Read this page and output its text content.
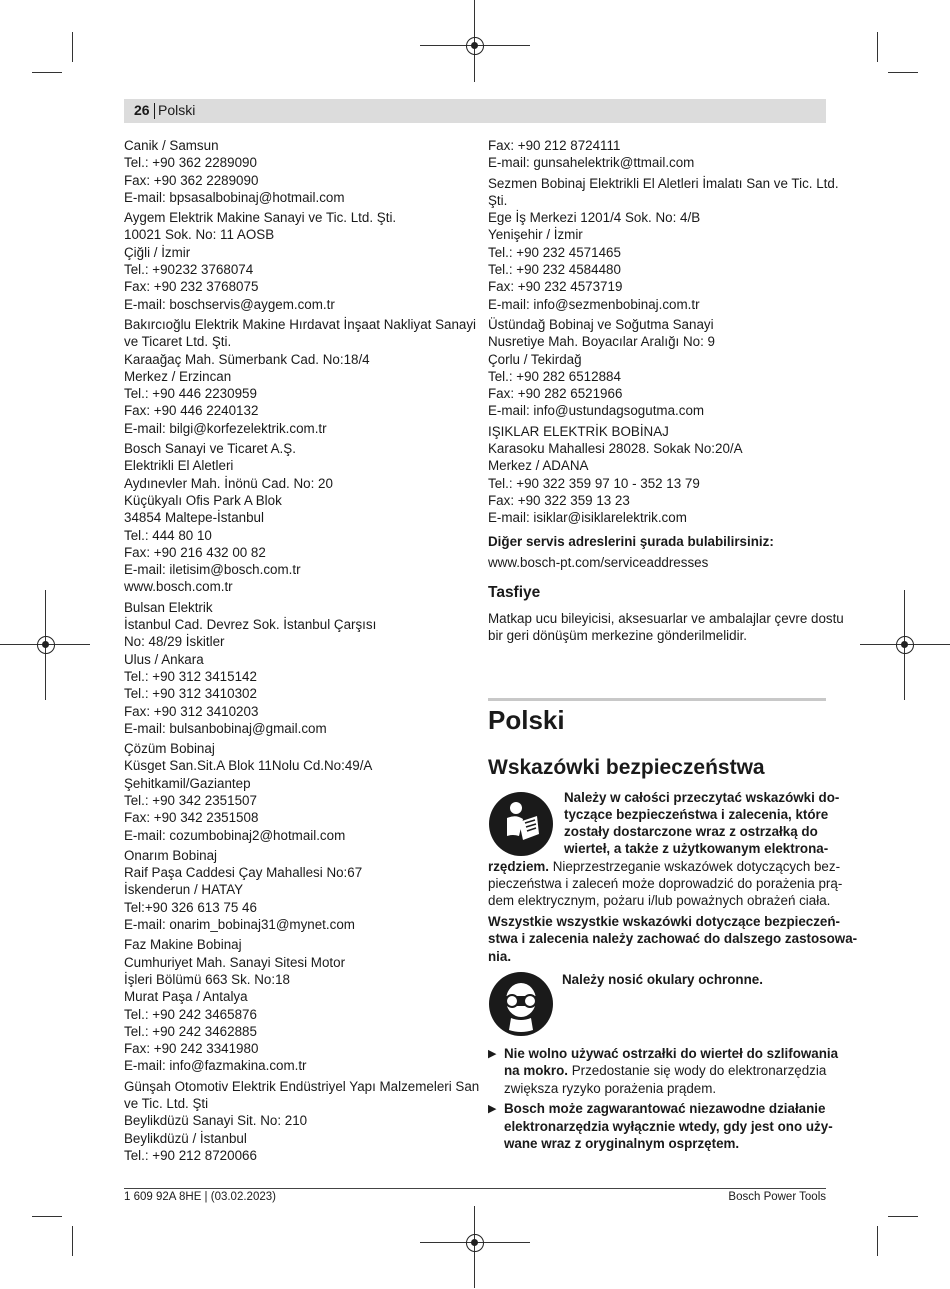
26 Polski
Canik / Samsun
Tel.: +90 362 2289090
Fax: +90 362 2289090
E-mail: bpsasalbobinaj@hotmail.com
Aygem Elektrik Makine Sanayi ve Tic. Ltd. Şti.
10021 Sok. No: 11 AOSB
Çiğli / İzmir
Tel.: +90232 3768074
Fax: +90 232 3768075
E-mail: boschservis@aygem.com.tr
Bakırcıoğlu Elektrik Makine Hırdavat İnşaat Nakliyat Sanayi
ve Ticaret Ltd. Şti.
Karaağaç Mah. Sümerbank Cad. No:18/4
Merkez / Erzincan
Tel.: +90 446 2230959
Fax: +90 446 2240132
E-mail: bilgi@korfezelektrik.com.tr
Bosch Sanayi ve Ticaret A.Ş.
Elektrikli El Aletleri
Aydınevler Mah. İnönü Cad. No: 20
Küçükyalı Ofis Park A Blok
34854 Maltepe-İstanbul
Tel.: 444 80 10
Fax: +90 216 432 00 82
E-mail: iletisim@bosch.com.tr
www.bosch.com.tr
Bulsan Elektrik
İstanbul Cad. Devrez Sok. İstanbul Çarşısı
No: 48/29 İskitler
Ulus / Ankara
Tel.: +90 312 3415142
Tel.: +90 312 3410302
Fax: +90 312 3410203
E-mail: bulsanbobinaj@gmail.com
Çözüm Bobinaj
Küsget San.Sit.A Blok 11Nolu Cd.No:49/A
Şehitkamil/Gaziantep
Tel.: +90 342 2351507
Fax: +90 342 2351508
E-mail: cozumbobinaj2@hotmail.com
Onarım Bobinaj
Raif Paşa Caddesi Çay Mahallesi No:67
İskenderun / HATAY
Tel:+90 326 613 75 46
E-mail: onarim_bobinaj31@mynet.com
Faz Makine Bobinaj
Cumhuriyet Mah. Sanayi Sitesi Motor
İşleri Bölümü 663 Sk. No:18
Murat Paşa / Antalya
Tel.: +90 242 3465876
Tel.: +90 242 3462885
Fax: +90 242 3341980
E-mail: info@fazmakina.com.tr
Günşah Otomotiv Elektrik Endüstriyel Yapı Malzemeleri San
ve Tic. Ltd. Şti
Beylikdüzü Sanayi Sit. No: 210
Beylikdüzü / İstanbul
Tel.: +90 212 8720066
Fax: +90 212 8724111
E-mail: gunsahelektrik@ttmail.com
Sezmen Bobinaj Elektrikli El Aletleri İmalatı San ve Tic. Ltd.
Şti.
Ege İş Merkezi 1201/4 Sok. No: 4/B
Yenişehir / İzmir
Tel.: +90 232 4571465
Tel.: +90 232 4584480
Fax: +90 232 4573719
E-mail: info@sezmenbobinaj.com.tr
Üstündağ Bobinaj ve Soğutma Sanayi
Nusretiye Mah. Boyacılar Aralığı No: 9
Çorlu / Tekirdağ
Tel.: +90 282 6512884
Fax: +90 282 6521966
E-mail: info@ustundagsogutma.com
IŞIKLAR ELEKTRİK BOBİNAJ
Karasoku Mahallesi 28028. Sokak No:20/A
Merkez / ADANA
Tel.: +90 322 359 97 10 - 352 13 79
Fax: +90 322 359 13 23
E-mail: isiklar@isiklarelektrik.com
Diğer servis adreslerini şurada bulabilirsiniz:
www.bosch-pt.com/serviceaddresses
Tasfiye
Matkap ucu bileyicisi, aksesuarlar ve ambalajlar çevre dostu
bir geri dönüşüm merkezine gönderilmelidir.
Polski
Wskazówki bezpieczeństwa
Należy w całości przeczytać wskazówki do-
tyczące bezpieczeństwa i zalecenia, które
zostały dostarczone wraz z ostrzałką do
wierteł, a także z użytkowanym elektrona-
rzędziem. Nieprzestrzeganie wskazówek dotyczących bez-
pieczeństwa i zaleceń może doprowadzić do porażenia prą-
dem elektrycznym, pożaru i/lub poważnych obrażeń ciała.
Wszystkie wszystkie wskazówki dotyczące bezpieczeń-
stwa i zalecenia należy zachować do dalszego zastosowa-
nia.
Należy nosić okulary ochronne.
▶ Nie wolno używać ostrzałki do wierteł do szlifowania
na mokro. Przedostanie się wody do elektronarzędzia
zwiększa ryzyko porażenia prądem.
▶ Bosch może zagwarantować niezawodne działanie
elektronarzędzia wyłącznie wtedy, gdy jest ono uży-
wane wraz z oryginalnym osprzętem.
1 609 92A 8HE | (03.02.2023)	Bosch Power Tools
